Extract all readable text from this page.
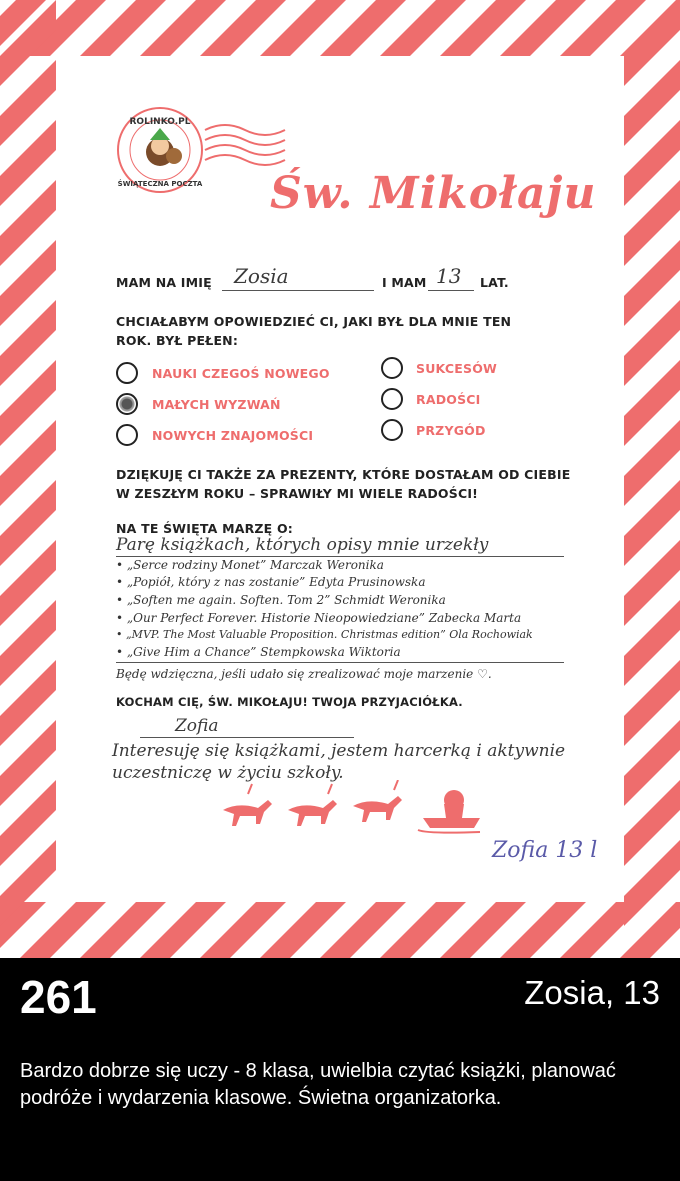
ROLINKO.PL
ŚWIĄTECZNA POCZTA Św. Mikołaju
MAM NA IMIĘ Zosia	I MAM 13 LAT.
CHCIAŁABYM OPOWIEDZIEĆ CI, JAKI BYŁ DLA MNIE TEN
ROK. BYŁ PEŁEN:
NAUKI CZEGOŚ NOWEGO
MAŁYCH WYZWAŃ
NOWYCH ZNAJOMOŚCI
SUKCESÓW
RADOŚCI
PRZYGÓD
DZIĘKUJĘ CI TAKŻE ZA PREZENTY, KTÓRE DOSTAŁAM OD CIEBIE
W ZESZŁYM ROKU – SPRAWIŁY MI WIELE RADOŚCI!
NA TE ŚWIĘTA MARZĘ O:
Parę książkach, których opisy mnie urzekły
• „Serce rodziny Monet” Marczak Weronika
• „Popiół, który z nas zostanie” Edyta Prusinowska
• „Soften me again. Soften. Tom 2” Schmidt Weronika
• „Our Perfect Forever. Historie Nieopowiedziane” Zabecka Marta
• „MVP. The Most Valuable Proposition. Christmas edition” Ola Rochowiak
• „Give Him a Chance” Stempkowska Wiktoria
Będę wdzięczna, jeśli udało się zrealizować moje marzenie ♡.
KOCHAM CIĘ, ŚW. MIKOŁAJU! TWOJA PRZYJACIÓŁKA.
Zofia
Interesuję się książkami, jestem harcerką i aktywnie uczestniczę w życiu szkoły.
Zofia 13 l
261	Zosia, 13
Bardzo dobrze się uczy - 8 klasa, uwielbia czytać książki, planować podróże i wydarzenia klasowe. Świetna organizatorka.
